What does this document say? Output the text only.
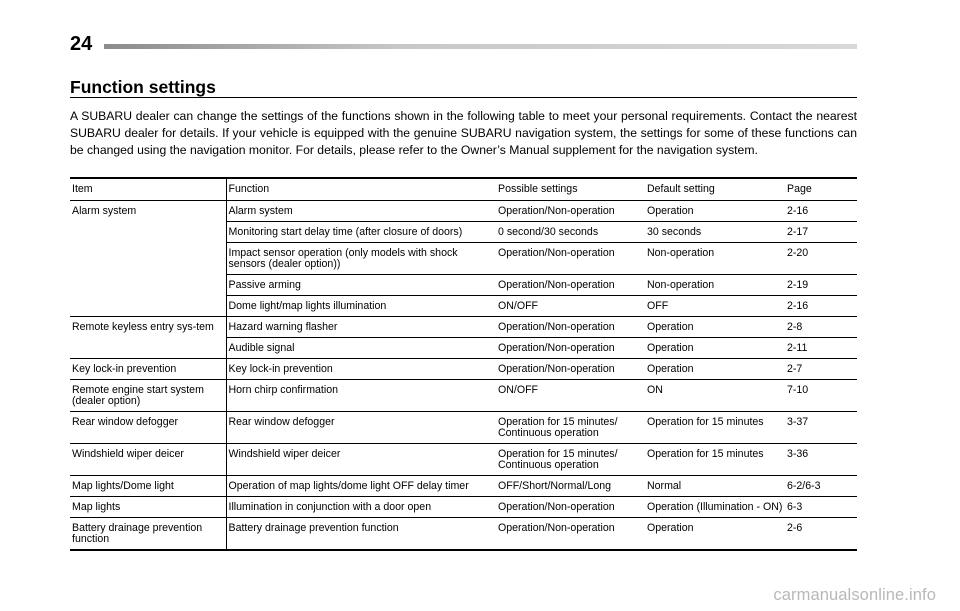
24
Function settings

A SUBARU dealer can change the settings of the functions shown in the following table to meet your personal requirements. Contact the nearest SUBARU dealer for details. If your vehicle is equipped with the genuine SUBARU navigation system, the settings for some of these functions can be changed using the navigation monitor. For details, please refer to the Owner’s Manual supplement for the navigation system.

Item	Function	Possible settings	Default setting	Page
Alarm system	Alarm system	Operation/Non-operation	Operation	2-16
	Monitoring start delay time (after closure of doors)	0 second/30 seconds	30 seconds	2-17
	Impact sensor operation (only models with shock sensors (dealer option))	Operation/Non-operation	Non-operation	2-20
	Passive arming	Operation/Non-operation	Non-operation	2-19
	Dome light/map lights illumination	ON/OFF	OFF	2-16
Remote keyless entry sys-tem	Hazard warning flasher	Operation/Non-operation	Operation	2-8
	Audible signal	Operation/Non-operation	Operation	2-11
Key lock-in prevention	Key lock-in prevention	Operation/Non-operation	Operation	2-7
Remote engine start system (dealer option)	Horn chirp confirmation	ON/OFF	ON	7-10
Rear window defogger	Rear window defogger	Operation for 15 minutes/ Continuous operation	Operation for 15 minutes	3-37
Windshield wiper deicer	Windshield wiper deicer	Operation for 15 minutes/ Continuous operation	Operation for 15 minutes	3-36
Map lights/Dome light	Operation of map lights/dome light OFF delay timer	OFF/Short/Normal/Long	Normal	6-2/6-3
Map lights	Illumination in conjunction with a door open	Operation/Non-operation	Operation (Illumination - ON)	6-3
Battery drainage prevention function	Battery drainage prevention function	Operation/Non-operation	Operation	2-6
carmanualsonline.info
